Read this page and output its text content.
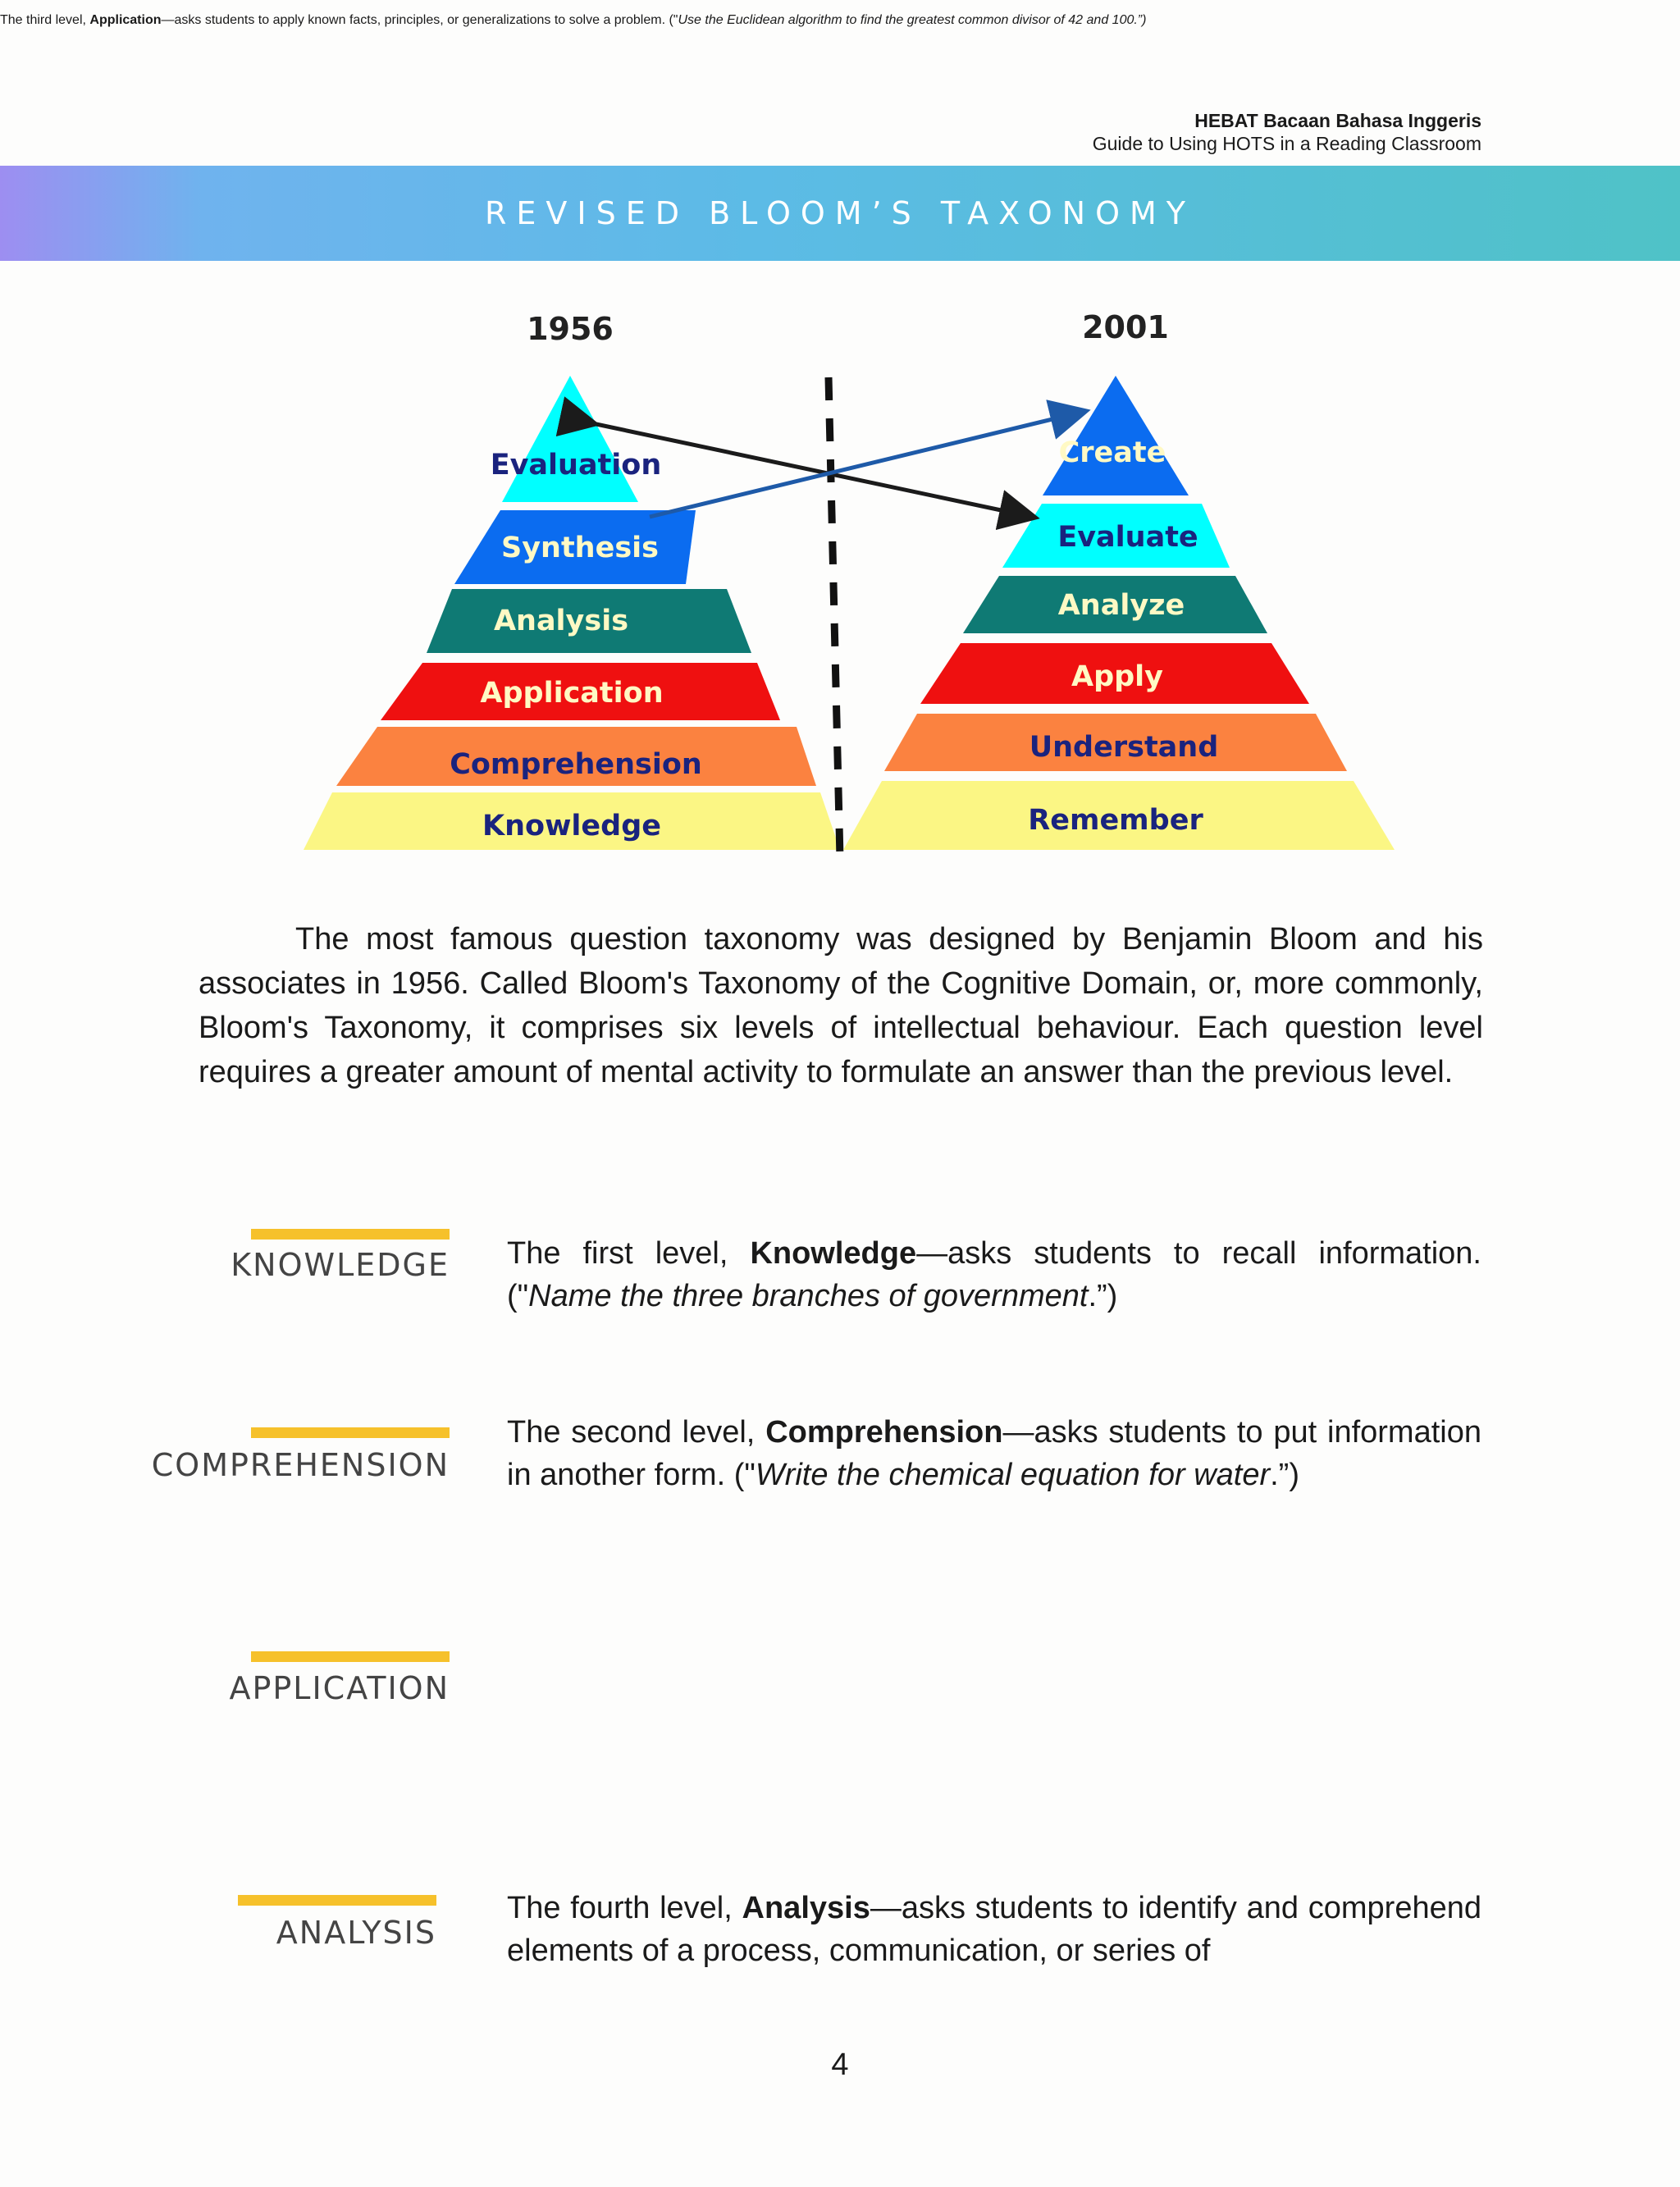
HEBAT Bacaan Bahasa Inggeris
Guide to Using HOTS in a Reading Classroom
REVISED BLOOM’S TAXONOMY
1956	2001
Evaluation
Synthesis
Analysis
Application
Comprehension
Knowledge
Create
Evaluate
Analyze
Apply
Understand
Remember

The most famous question taxonomy was designed by Benjamin Bloom and his associates in 1956. Called Bloom's Taxonomy of the Cognitive Domain, or, more commonly, Bloom's Taxonomy, it comprises six levels of intellectual behaviour. Each question level requires a greater amount of mental activity to formulate an answer than the previous level.

KNOWLEDGE The first level, Knowledge—asks students to recall information. ("Name the three branches of government.”)

COMPREHENSION

The second level, Comprehension—asks students to put information in another form. ("Write the chemical equation for water.”)

APPLICATION

The third level, Application—asks students to apply known facts, principles, or generalizations to solve a problem. ("Use the Euclidean algorithm to find the greatest common divisor of 42 and 100.”)

ANALYSIS

The fourth level, Analysis—asks students to identify and comprehend elements of a process, communication, or series of

4
